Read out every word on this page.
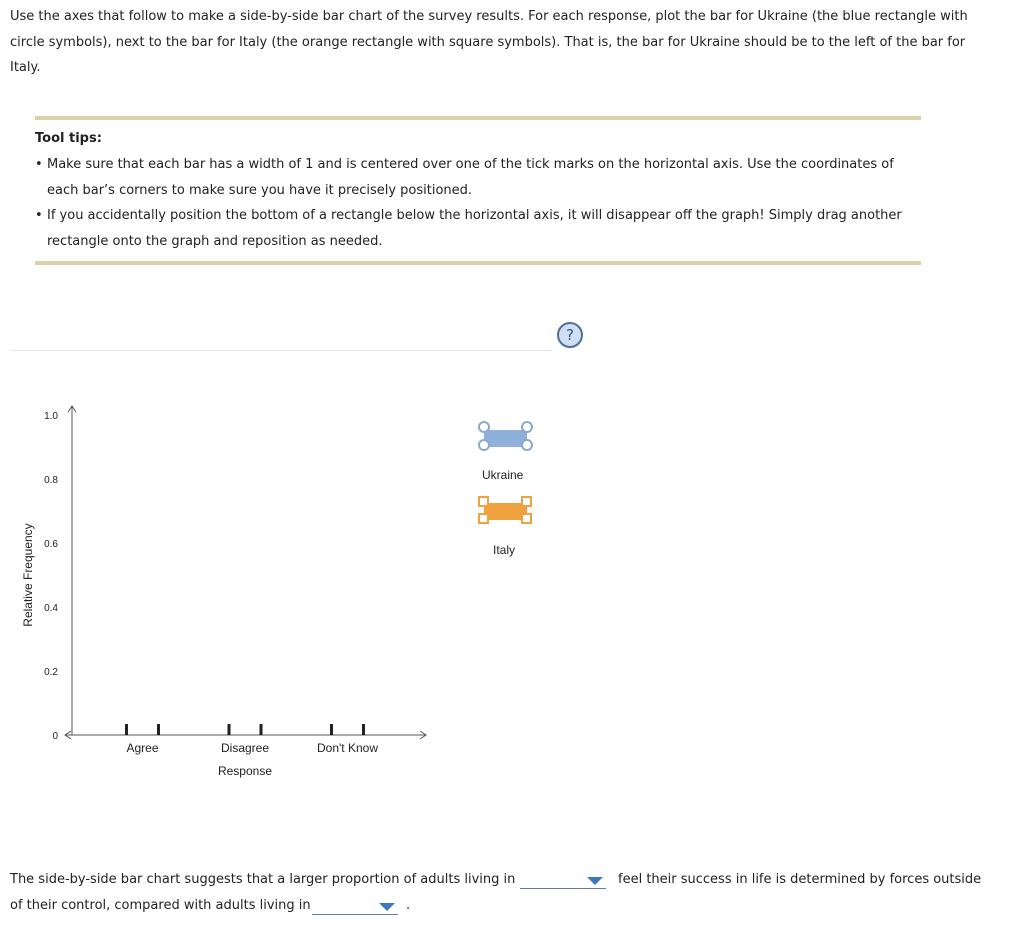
Use the axes that follow to make a side-by-side bar chart of the survey results. For each response, plot the bar for Ukraine (the blue rectangle with circle symbols), next to the bar for Italy (the orange rectangle with square symbols). That is, the bar for Ukraine should be to the left of the bar for Italy.
Tool tips:
• Make sure that each bar has a width of 1 and is centered over one of the tick marks on the horizontal axis. Use the coordinates of each bar’s corners to make sure you have it precisely positioned.
• If you accidentally position the bottom of a rectangle below the horizontal axis, it will disappear off the graph! Simply drag another rectangle onto the graph and reposition as needed.
?
Relative Frequency
1.0
0.8
0.6
0.4
0.2
0
Agree	Disagree	Don't Know
Response
Ukraine
Italy
The side-by-side bar chart suggests that a larger proportion of adults living in	feel their success in life is determined by forces outside
of their control, compared with adults living in	.
